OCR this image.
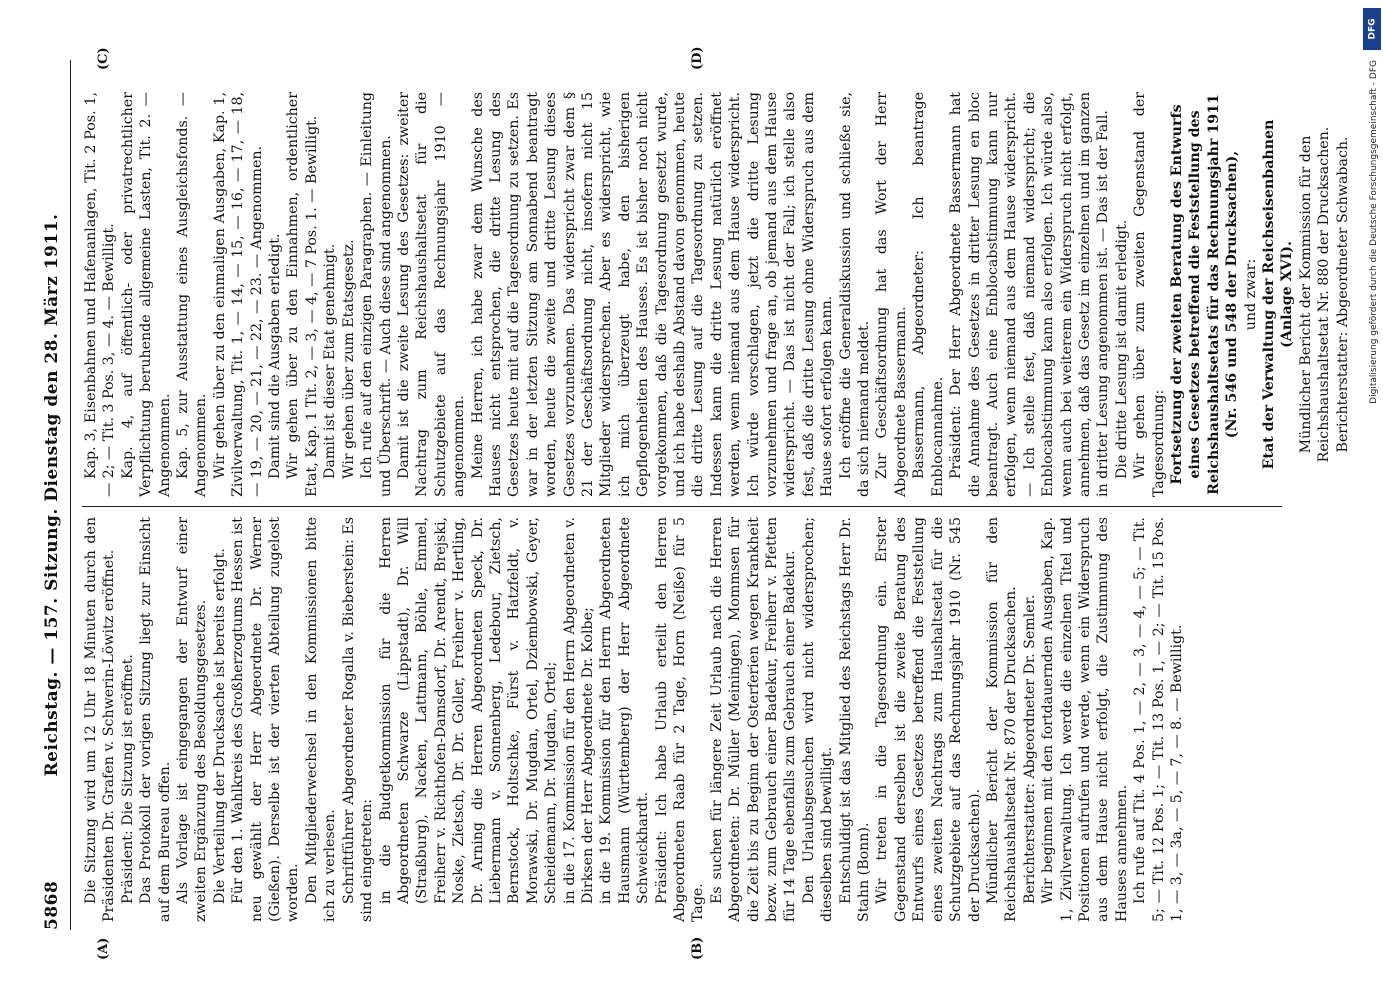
5868
Reichstag. — 157. Sitzung. Dienstag den 28. März 1911.
(A)	(B)
(C)	(D)

Die Sitzung wird um 12 Uhr 18 Minuten durch den Präsidenten Dr. Grafen v. Schwerin-Löwitz eröffnet. Präsident: Die Sitzung ist eröffnet. Das Protokoll der vorigen Sitzung liegt zur Einsicht auf dem Bureau offen. Als Vorlage ist eingegangen der Entwurf einer zweiten Ergänzung des Besoldungsgesetzes. Die Verteilung der Drucksache ist bereits erfolgt. Für den 1. Wahlkreis des Großherzogtums Hessen ist neu gewählt der Herr Abgeordnete Dr. Werner (Gießen). Derselbe ist der vierten Abteilung zugelost worden. Den Mitgliederwechsel in den Kommissionen bitte ich zu verlesen. Schriftführer Abgeordneter Rogalla v. Bieberstein: Es sind eingetreten: in die Budgetkommission für die Herren Abgeordneten Schwarze (Lippstadt), Dr. Will (Straßburg), Nacken, Lattmann, Böhle, Emmel, Freiherr v. Richthofen-Damsdorf, Dr. Arendt, Brejski, Noske, Zietsch, Dr. Dr. Goller, Freiherr v. Hertling, Dr. Arning die Herren Abgeordneten Speck, Dr. Liebermann v. Sonnenberg, Ledebour, Zietsch, Bernstock, Holtschke, Fürst v. Hatzfeldt, v. Morawski, Dr. Mugdan, Ortel, Dziembowski, Geyer, Scheidemann, Dr. Mugdan, Ortel; in die 17. Kommission für den Herrn Abgeordneten v. Dirksen der Herr Abgeordnete Dr. Kolbe; in die 19. Kommission für den Herrn Abgeordneten Hausmann (Württemberg) der Herr Abgeordnete Schweickhardt. Präsident: Ich habe Urlaub erteilt den Herren Abgeordneten Raab für 2 Tage, Horn (Neiße) für 5 Tage. Es suchen für längere Zeit Urlaub nach die Herren Abgeordneten: Dr. Müller (Meiningen), Mommsen für die Zeit bis zu Beginn der Osterferien wegen Krankheit bezw. zum Gebrauch einer Badekur, Freiherr v. Pfetten für 14 Tage ebenfalls zum Gebrauch einer Badekur. Den Urlaubsgesuchen wird nicht widersprochen; dieselben sind bewilligt. Entschuldigt ist das Mitglied des Reichstags Herr Dr. Stahn (Bonn). Wir treten in die Tagesordnung ein. Erster Gegenstand derselben ist die zweite Beratung des Entwurfs eines Gesetzes betreffend die Feststellung eines zweiten Nachtrags zum Haushaltsetat für die Schutzgebiete auf das Rechnungsjahr 1910 (Nr. 545 der Drucksachen). Mündlicher Bericht der Kommission für den Reichshaushaltsetat Nr. 870 der Drucksachen. Berichterstatter: Abgeordneter Dr. Semler. Wir beginnen mit den fortdauernden Ausgaben, Kap. 1, Zivilverwaltung. Ich werde die einzelnen Titel und Positionen aufrufen und werde, wenn ein Widerspruch aus dem Hause nicht erfolgt, die Zustimmung des Hauses annehmen. Ich rufe auf Tit. 4 Pos. 1, — 2, — 3, — 4, — 5; — Tit. 5; — Tit. 12 Pos. 1; — Tit. 13 Pos. 1, — 2; — Tit. 15 Pos. 1, — 3, — 3a, — 5, — 7, — 8. — Bewilligt.

Kap. 3, Eisenbahnen und Hafenanlagen, Tit. 2 Pos. 1, — 2; — Tit. 3 Pos. 3, — 4. — Bewilligt. Kap. 4, auf öffentlich- oder privatrechtlicher Verpflichtung beruhende allgemeine Lasten, Tit. 2. — Angenommen. Kap. 5, zur Ausstattung eines Ausgleichsfonds. — Angenommen. Wir gehen über zu den einmaligen Ausgaben, Kap. 1, Zivilverwaltung, Tit. 1, — 14, — 15, — 16, — 17, — 18, — 19, — 20, — 21, — 22, — 23. — Angenommen. Damit sind die Ausgaben erledigt. Wir gehen über zu den Einnahmen, ordentlicher Etat, Kap. 1 Tit. 2, — 3, — 4, — 7 Pos. 1. — Bewilligt. Damit ist dieser Etat genehmigt. Wir gehen über zum Etatsgesetz. Ich rufe auf den einzigen Paragraphen. — Einleitung und Überschrift. — Auch diese sind angenommen. Damit ist die zweite Lesung des Gesetzes: zweiter Nachtrag zum Reichshaushaltsetat für die Schutzgebiete auf das Rechnungsjahr 1910 — angenommen. Meine Herren, ich habe zwar dem Wunsche des Hauses nicht entsprochen, die dritte Lesung des Gesetzes heute mit auf die Tagesordnung zu setzen. Es war in der letzten Sitzung am Sonnabend beantragt worden, heute die zweite und dritte Lesung dieses Gesetzes vorzunehmen. Das widerspricht zwar dem § 21 der Geschäftsordnung nicht, insofern nicht 15 Mitglieder widersprechen. Aber es widerspricht, wie ich mich überzeugt habe, den bisherigen Gepflogenheiten des Hauses. Es ist bisher noch nicht vorgekommen, daß die Tagesordnung gesetzt wurde, und ich habe deshalb Abstand davon genommen, heute die dritte Lesung auf die Tagesordnung zu setzen. Indessen kann die dritte Lesung natürlich eröffnet werden, wenn niemand aus dem Hause widerspricht. Ich würde vorschlagen, jetzt die dritte Lesung vorzunehmen und frage an, ob jemand aus dem Hause widerspricht. — Das ist nicht der Fall; ich stelle also fest, daß die dritte Lesung ohne Widerspruch aus dem Hause sofort erfolgen kann. Ich eröffne die Generaldiskussion und schließe sie, da sich niemand meldet. Zur Geschäftsordnung hat das Wort der Herr Abgeordnete Bassermann. Bassermann, Abgeordneter: Ich beantrage Enblocannahme. Präsident: Der Herr Abgeordnete Bassermann hat die Annahme des Gesetzes in dritter Lesung en bloc beantragt. Auch eine Enblocabstimmung kann nur erfolgen, wenn niemand aus dem Hause widerspricht. — Ich stelle fest, daß niemand widerspricht; die Enblocabstimmung kann also erfolgen. Ich würde also, wenn auch bei weiterem ein Widerspruch nicht erfolgt, annehmen, daß das Gesetz im einzelnen und im ganzen in dritter Lesung angenommen ist. — Das ist der Fall. Die dritte Lesung ist damit erledigt. Wir gehen über zum zweiten Gegenstand der Tagesordnung: Fortsetzung der zweiten Beratung des Entwurfs eines Gesetzes betreffend die Feststellung des Reichshaushaltsetats für das Rechnungsjahr 1911 (Nr. 546 und 548 der Drucksachen), und zwar: Etat der Verwaltung der Reichseisenbahnen (Anlage XVI). Mündlicher Bericht der Kommission für den Reichshaushaltsetat Nr. 880 der Drucksachen. Berichterstatter: Abgeordneter Schwabach.

DFG
Digitalisierung gefördert durch die Deutsche Forschungsgemeinschaft - DFG
